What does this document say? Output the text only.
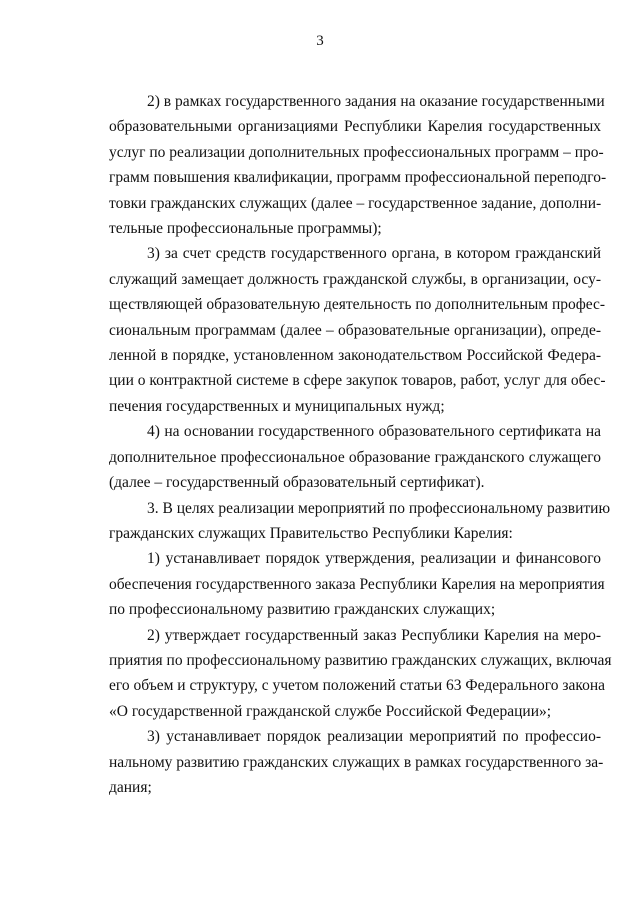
3

2) в рамках государственного задания на оказание государственными
образовательными организациями Республики Карелия государственных
услуг по реализации дополнительных профессиональных программ – про-
грамм повышения квалификации, программ профессиональной переподго-
товки гражданских служащих (далее – государственное задание, дополни-
тельные профессиональные программы);

3) за счет средств государственного органа, в котором гражданский
служащий замещает должность гражданской службы, в организации, осу-
ществляющей образовательную деятельность по дополнительным профес-
сиональным программам (далее – образовательные организации), опреде-
ленной в порядке, установленном законодательством Российской Федера-
ции о контрактной системе в сфере закупок товаров, работ, услуг для обес-
печения государственных и муниципальных нужд;

4) на основании государственного образовательного сертификата на
дополнительное профессиональное образование гражданского служащего
(далее – государственный образовательный сертификат).

3. В целях реализации мероприятий по профессиональному развитию
гражданских служащих Правительство Республики Карелия:

1) устанавливает порядок утверждения, реализации и финансового
обеспечения государственного заказа Республики Карелия на мероприятия
по профессиональному развитию гражданских служащих;

2) утверждает государственный заказ Республики Карелия на меро-
приятия по профессиональному развитию гражданских служащих, включая
его объем и структуру, с учетом положений статьи 63 Федерального закона
«О государственной гражданской службе Российской Федерации»;

3) устанавливает порядок реализации мероприятий по профессио-
нальному развитию гражданских служащих в рамках государственного за-
дания;
